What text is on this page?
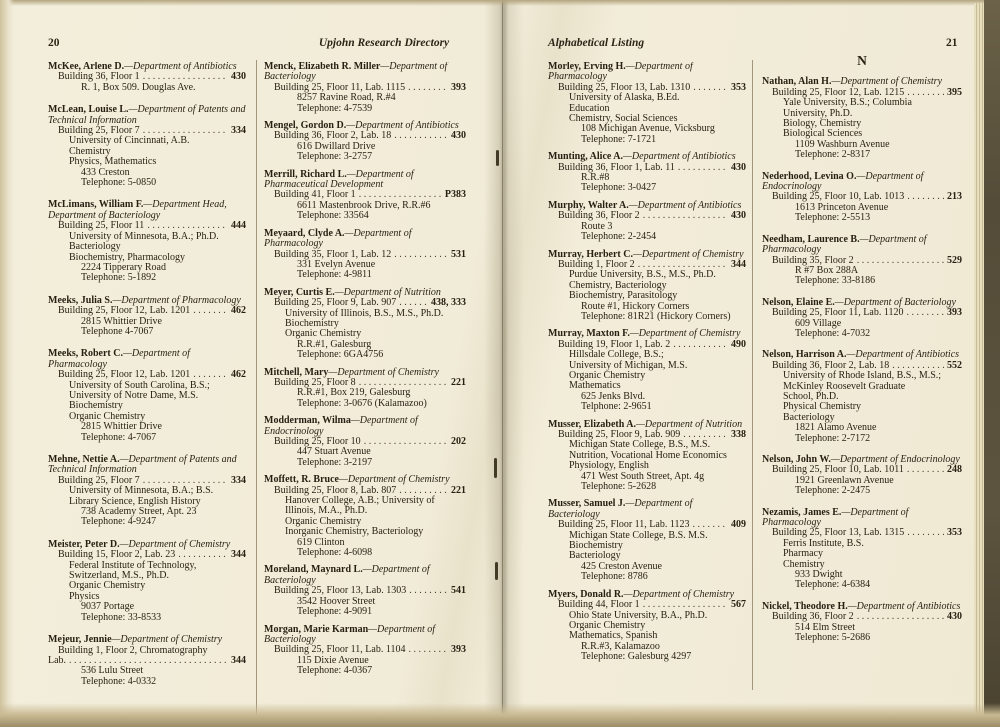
20	Upjohn Research Directory	Alphabetical Listing	21

McKee, Arlene D.—Department of Antibiotics

Building 36, Floor 1 .....	430

R. 1, Box 509. Douglas Ave.

McLean, Louise L.—Department of Patents and Technical Information

Building 25, Floor 7 .....	334

University of Cincinnati, A.B.

Chemistry

Physics, Mathematics

433 Creston

Telephone: 5-0850

McLimans, William F.—Department Head, Department of Bacteriology

Building 25, Floor 11 .....	444

University of Minnesota, B.A.; Ph.D.

Bacteriology

Biochemistry, Pharmacology

2224 Tipperary Road

Telephone: 5-1892

Meeks, Julia S.—Department of Pharmacology

Building 25, Floor 12, Lab. 1201 .....	462

2815 Whittier Drive

Telephone 4-7067

Meeks, Robert C.—Department of Pharmacology

Building 25, Floor 12, Lab. 1201 .....	462

University of South Carolina, B.S.;

University of Notre Dame, M.S.

Biochemistry

Organic Chemistry

2815 Whittier Drive

Telephone: 4-7067

Mehne, Nettie A.—Department of Patents and Technical Information

Building 25, Floor 7 .....	334

University of Minnesota, B.A.; B.S.

Library Science, English History

738 Academy Street, Apt. 23

Telephone: 4-9247

Meister, Peter D.—Department of Chemistry

Building 15, Floor 2, Lab. 23 .....	344

Federal Institute of Technology,

Switzerland, M.S., Ph.D.

Organic Chemistry

Physics

9037 Portage

Telephone: 33-8533

Mejeur, Jennie—Department of Chemistry

Building 1, Floor 2, Chromatography

Lab. .....	344

536 Lulu Street

Telephone: 4-0332

Menck, Elizabeth R. Miller—Department of Bacteriology

Building 25, Floor 11, Lab. 1115 .....	393

8257 Ravine Road, R.#4

Telephone: 4-7539

Mengel, Gordon D.—Department of Antibiotics

Building 36, Floor 2, Lab. 18 .....	430

616 Dwillard Drive

Telephone: 3-2757

Merrill, Richard L.—Department of Pharmaceutical Development

Building 41, Floor 1 .....	P383

6611 Mastenbrook Drive, R.R.#6

Telephone: 33564

Meyaard, Clyde A.—Department of Pharmacology

Building 35, Floor 1, Lab. 12 .....	531

331 Evelyn Avenue

Telephone: 4-9811

Meyer, Curtis E.—Department of Nutrition

Building 25, Floor 9, Lab. 907 .....	438, 333

University of Illinois, B.S., M.S., Ph.D.

Biochemistry

Organic Chemistry

R.R.#1, Galesburg

Telephone: 6GA4756

Mitchell, Mary—Department of Chemistry

Building 25, Floor 8 .....	221

R.R.#1, Box 219, Galesburg

Telephone: 3-0676 (Kalamazoo)

Modderman, Wilma—Department of Endocrinology

Building 25, Floor 10 .....	202

447 Stuart Avenue

Telephone: 3-2197

Moffett, R. Bruce—Department of Chemistry

Building 25, Floor 8, Lab. 807 .....	221

Hanover College, A.B.; University of

Illinois, M.A., Ph.D.

Organic Chemistry

Inorganic Chemistry, Bacteriology

619 Clinton

Telephone: 4-6098

Moreland, Maynard L.—Department of Bacteriology

Building 25, Floor 13, Lab. 1303 .....	541

3542 Hoover Street

Telephone: 4-9091

Morgan, Marie Karman—Department of Bacteriology

Building 25, Floor 11, Lab. 1104 .....	393

115 Dixie Avenue

Telephone: 4-0367

Morley, Erving H.—Department of Pharmacology

Building 25, Floor 13, Lab. 1310 .....	353

University of Alaska, B.Ed.

Education

Chemistry, Social Sciences

108 Michigan Avenue, Vicksburg

Telephone: 7-1721

Munting, Alice A.—Department of Antibiotics

Building 36, Floor 1, Lab. 11 .....	430

R.R.#8

Telephone: 3-0427

Murphy, Walter A.—Department of Antibiotics

Building 36, Floor 2 .....	430

Route 3

Telephone: 2-2454

Murray, Herbert C.—Department of Chemistry

Building 1, Floor 2 .....	344

Purdue University, B.S., M.S., Ph.D.

Chemistry, Bacteriology

Biochemistry, Parasitology

Route #1, Hickory Corners

Telephone: 81R21 (Hickory Corners)

Murray, Maxton F.—Department of Chemistry

Building 19, Floor 1, Lab. 2 .....	490

Hillsdale College, B.S.;

University of Michigan, M.S.

Organic Chemistry

Mathematics

625 Jenks Blvd.

Telphone: 2-9651

Musser, Elizabeth A.—Department of Nutrition

Building 25, Floor 9, Lab. 909 .....	338

Michigan State College, B.S., M.S.

Nutrition, Vocational Home Economics

Physiology, English

471 West South Street, Apt. 4g

Telephone: 5-2628

Musser, Samuel J.—Department of Bacteriology

Building 25, Floor 11, Lab. 1123 .....	409

Michigan State College, B.S. M.S.

Biochemistry

Bacteriology

425 Creston Avenue

Telephone: 8786

Myers, Donald R.—Department of Chemistry

Building 44, Floor 1 .....	567

Ohio State University, B.A., Ph.D.

Organic Chemistry

Mathematics, Spanish

R.R.#3, Kalamazoo

Telephone: Galesburg 4297

N

Nathan, Alan H.—Department of Chemistry

Building 25, Floor 12, Lab. 1215 .....	395

Yale University, B.S.; Columbia

University, Ph.D.

Biology, Chemistry

Biological Sciences

1109 Washburn Avenue

Telephone: 2-8317

Nederhood, Levina O.—Department of Endocrinology

Building 25, Floor 10, Lab. 1013 .....	213

1613 Princeton Avenue

Telephone: 2-5513

Needham, Laurence B.—Department of Pharmacology

Building 35, Floor 2 .....	529

R #7 Box 288A

Telephone: 33-8186

Nelson, Elaine E.—Department of Bacteriology

Building 25, Floor 11, Lab. 1120 .....	393

609 Village

Telephone: 4-7032

Nelson, Harrison A.—Department of Antibiotics

Building 36, Floor 2, Lab. 18 .....	552

University of Rhode Island, B.S., M.S.;

McKinley Roosevelt Graduate

School, Ph.D.

Physical Chemistry

Bacteriology

1821 Alamo Avenue

Telephone: 2-7172

Nelson, John W.—Department of Endocrinology

Building 25, Floor 10, Lab. 1011 .....	248

1921 Greenlawn Avenue

Telephone: 2-2475

Nezamis, James E.—Department of Pharmacology

Building 25, Floor 13, Lab. 1315 .....	353

Ferris Institute, B.S.

Pharmacy

Chemistry

933 Dwight

Telephone: 4-6384

Nickel, Theodore H.—Department of Antibiotics

Building 36, Floor 2 .....	430

514 Elm Street

Telephone: 5-2686
